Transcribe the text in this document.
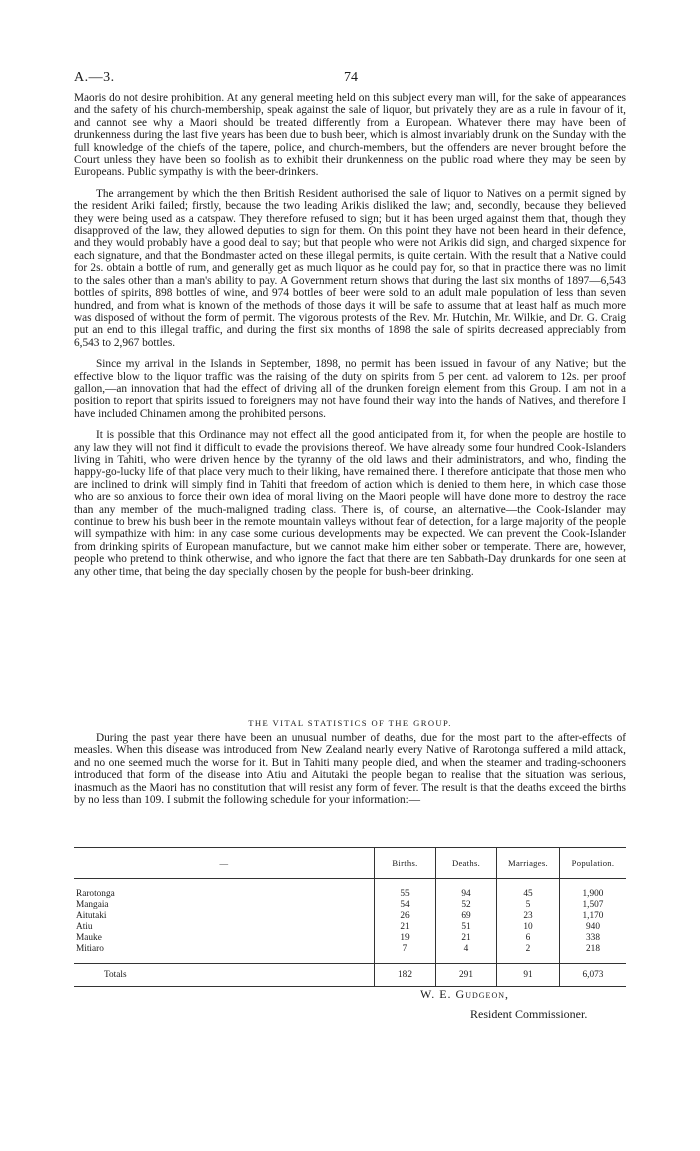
A.—3.	74

Maoris do not desire prohibition. At any general meeting held on this subject every man will, for the sake of appearances and the safety of his church-membership, speak against the sale of liquor, but privately they are as a rule in favour of it, and cannot see why a Maori should be treated differently from a European. Whatever there may have been of drunkenness during the last five years has been due to bush beer, which is almost invariably drunk on the Sunday with the full knowledge of the chiefs of the tapere, police, and church-members, but the offenders are never brought before the Court unless they have been so foolish as to exhibit their drunkenness on the public road where they may be seen by Europeans. Public sympathy is with the beer-drinkers.

The arrangement by which the then British Resident authorised the sale of liquor to Natives on a permit signed by the resident Ariki failed; firstly, because the two leading Arikis disliked the law; and, secondly, because they believed they were being used as a catspaw. They therefore refused to sign; but it has been urged against them that, though they disapproved of the law, they allowed deputies to sign for them. On this point they have not been heard in their defence, and they would probably have a good deal to say; but that people who were not Arikis did sign, and charged sixpence for each signature, and that the Bondmaster acted on these illegal permits, is quite certain. With the result that a Native could for 2s. obtain a bottle of rum, and generally get as much liquor as he could pay for, so that in practice there was no limit to the sales other than a man's ability to pay. A Government return shows that during the last six months of 1897—6,543 bottles of spirits, 898 bottles of wine, and 974 bottles of beer were sold to an adult male population of less than seven hundred, and from what is known of the methods of those days it will be safe to assume that at least half as much more was disposed of without the form of permit. The vigorous protests of the Rev. Mr. Hutchin, Mr. Wilkie, and Dr. G. Craig put an end to this illegal traffic, and during the first six months of 1898 the sale of spirits decreased appreciably from 6,543 to 2,967 bottles.

Since my arrival in the Islands in September, 1898, no permit has been issued in favour of any Native; but the effective blow to the liquor traffic was the raising of the duty on spirits from 5 per cent. ad valorem to 12s. per proof gallon,—an innovation that had the effect of driving all of the drunken foreign element from this Group. I am not in a position to report that spirits issued to foreigners may not have found their way into the hands of Natives, and therefore I have included Chinamen among the prohibited persons.

It is possible that this Ordinance may not effect all the good anticipated from it, for when the people are hostile to any law they will not find it difficult to evade the provisions thereof. We have already some four hundred Cook-Islanders living in Tahiti, who were driven hence by the tyranny of the old laws and their administrators, and who, finding the happy-go-lucky life of that place very much to their liking, have remained there. I therefore anticipate that those men who are inclined to drink will simply find in Tahiti that freedom of action which is denied to them here, in which case those who are so anxious to force their own idea of moral living on the Maori people will have done more to destroy the race than any member of the much-maligned trading class. There is, of course, an alternative—the Cook-Islander may continue to brew his bush beer in the remote mountain valleys without fear of detection, for a large majority of the people will sympathize with him: in any case some curious developments may be expected. We can prevent the Cook-Islander from drinking spirits of European manufacture, but we cannot make him either sober or temperate. There are, however, people who pretend to think otherwise, and who ignore the fact that there are ten Sabbath-Day drunkards for one seen at any other time, that being the day specially chosen by the people for bush-beer drinking.

THE VITAL STATISTICS OF THE GROUP.

During the past year there have been an unusual number of deaths, due for the most part to the after-effects of measles. When this disease was introduced from New Zealand nearly every Native of Rarotonga suffered a mild attack, and no one seemed much the worse for it. But in Tahiti many people died, and when the steamer and trading-schooners introduced that form of the disease into Atiu and Aitutaki the people began to realise that the situation was serious, inasmuch as the Maori has no constitution that will resist any form of fever. The result is that the deaths exceed the births by no less than 109. I submit the following schedule for your information:—

—	Births.	Deaths.	Marriages.	Population.
Rarotonga	55	94	45	1,900
Mangaia	54	52	5	1,507
Aitutaki	26	69	23	1,170
Atiu	21	51	10	940
Mauke	19	21	6	338
Mitiaro	7	4	2	218
Totals	182	291	91	6,073
W. E. Gudgeon,
Resident Commissioner.
